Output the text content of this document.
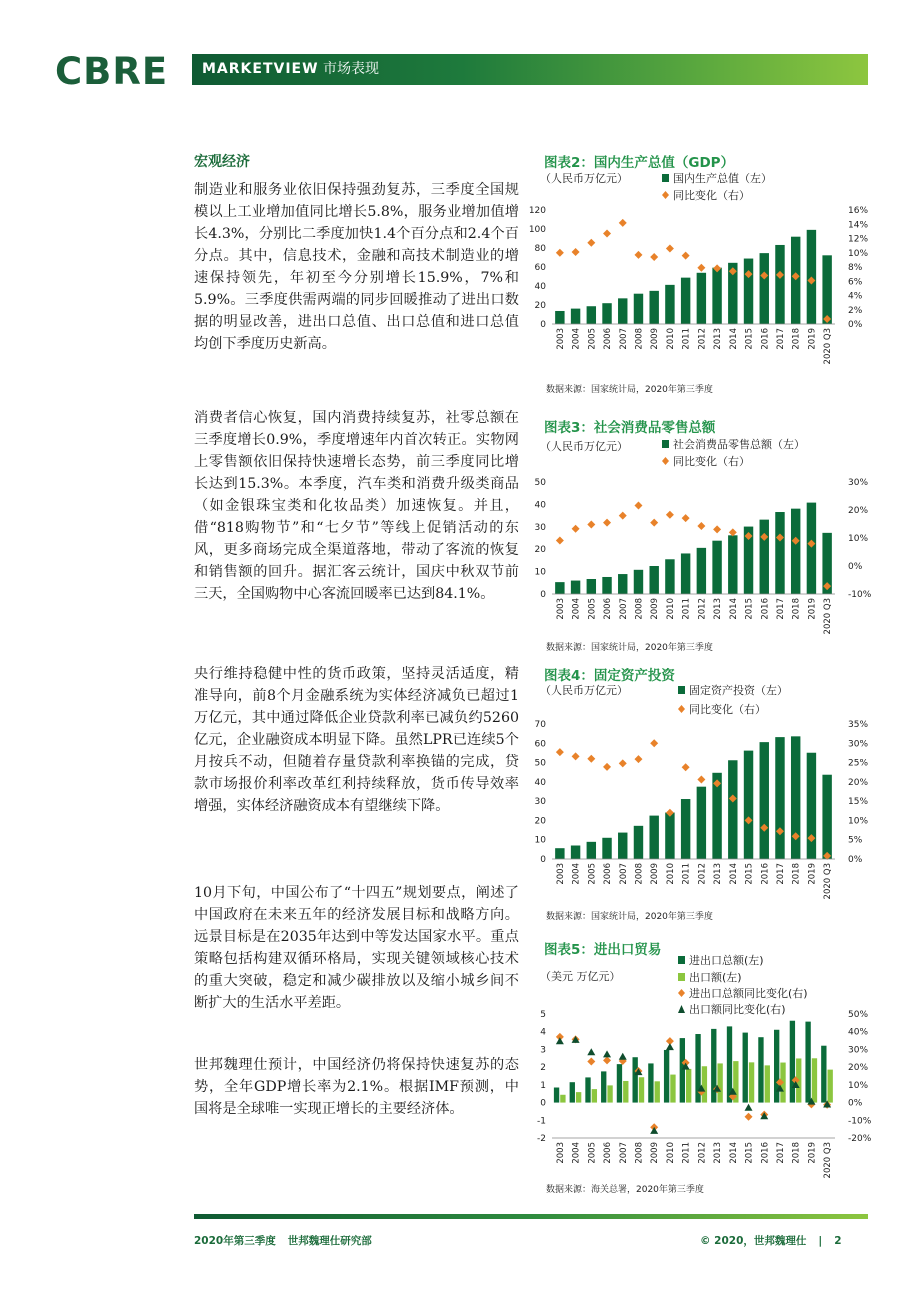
CBRE MARKETVIEW 市场表现
宏观经济

制造业和服务业依旧保持强劲复苏，三季度全国规模以上工业增加值同比增长5.8%，服务业增加值增长4.3%，分别比二季度加快1.4个百分点和2.4个百分点。其中，信息技术，金融和高技术制造业的增速保持领先，年初至今分别增长15.9%，7%和5.9%。三季度供需两端的同步回暖推动了进出口数据的明显改善，进出口总值、出口总值和进口总值均创下季度历史新高。

消费者信心恢复，国内消费持续复苏，社零总额在三季度增长0.9%，季度增速年内首次转正。实物网上零售额依旧保持快速增长态势，前三季度同比增长达到15.3%。本季度，汽车类和消费升级类商品（如金银珠宝类和化妆品类）加速恢复。并且，借“818购物节”和“七夕节”等线上促销活动的东风，更多商场完成全渠道落地，带动了客流的恢复和销售额的回升。据汇客云统计，国庆中秋双节前三天，全国购物中心客流回暖率已达到84.1%。

央行维持稳健中性的货币政策，坚持灵活适度，精准导向，前8个月金融系统为实体经济减负已超过1万亿元，其中通过降低企业贷款利率已减负约5260亿元，企业融资成本明显下降。虽然LPR已连续5个月按兵不动，但随着存量贷款利率换锚的完成，贷款市场报价利率改革红利持续释放，货币传导效率增强，实体经济融资成本有望继续下降。

10月下旬，中国公布了“十四五”规划要点，阐述了中国政府在未来五年的经济发展目标和战略方向。远景目标是在2035年达到中等发达国家水平。重点策略包括构建双循环格局，实现关键领域核心技术的重大突破，稳定和减少碳排放以及缩小城乡间不断扩大的生活水平差距。

世邦魏理仕预计，中国经济仍将保持快速复苏的态势，全年GDP增长率为2.1%。根据IMF预测，中国将是全球唯一实现正增长的主要经济体。

图表2：国内生产总值（GDP）
（人民币万亿元）	国内生产总值（左）
同比变化（右）
0
20
40
60
80
100
120
0%
2%
4%
6%
8%
10%
12%
14%
16%
2003 2004 2005 2006 2007 2008 2009 2010 2011 2012 2013 2014 2015 2016 2017 2018 2019 2020 Q3
数据来源：国家统计局，2020年第三季度
图表3：社会消费品零售总额
（人民币万亿元）	社会消费品零售总额（左）
同比变化（右）
0
10
20
30
40
50
-10%
0%
10%
20%
30%
2003 2004 2005 2006 2007 2008 2009 2010 2011 2012 2013 2014 2015 2016 2017 2018 2019 2020 Q3
数据来源：国家统计局，2020年第三季度
图表4：固定资产投资
（人民币万亿元）	固定资产投资（左）
同比变化（右）
0
10
20
30
40
50
60
70
0%
5%
10%
15%
20%
25%
30%
35%
2003 2004 2005 2006 2007 2008 2009 2010 2011 2012 2013 2014 2015 2016 2017 2018 2019 2020 Q3
数据来源：国家统计局，2020年第三季度
图表5：进出口贸易
（美元 万亿元）
进出口总额(左)
出口额(左)
进出口总额同比变化(右)
出口额同比变化(右)
-2
-1
0
1
2
3
4
5
-20%
-10%
0%
10%
20%
30%
40%
50%
2003 2004 2005 2006 2007 2008 2009 2010 2011 2012 2013 2014 2015 2016 2017 2018 2019 2020 Q3
数据来源：海关总署，2020年第三季度
2020年第三季度 世邦魏理仕研究部	© 2020，世邦魏理仕 | 2
